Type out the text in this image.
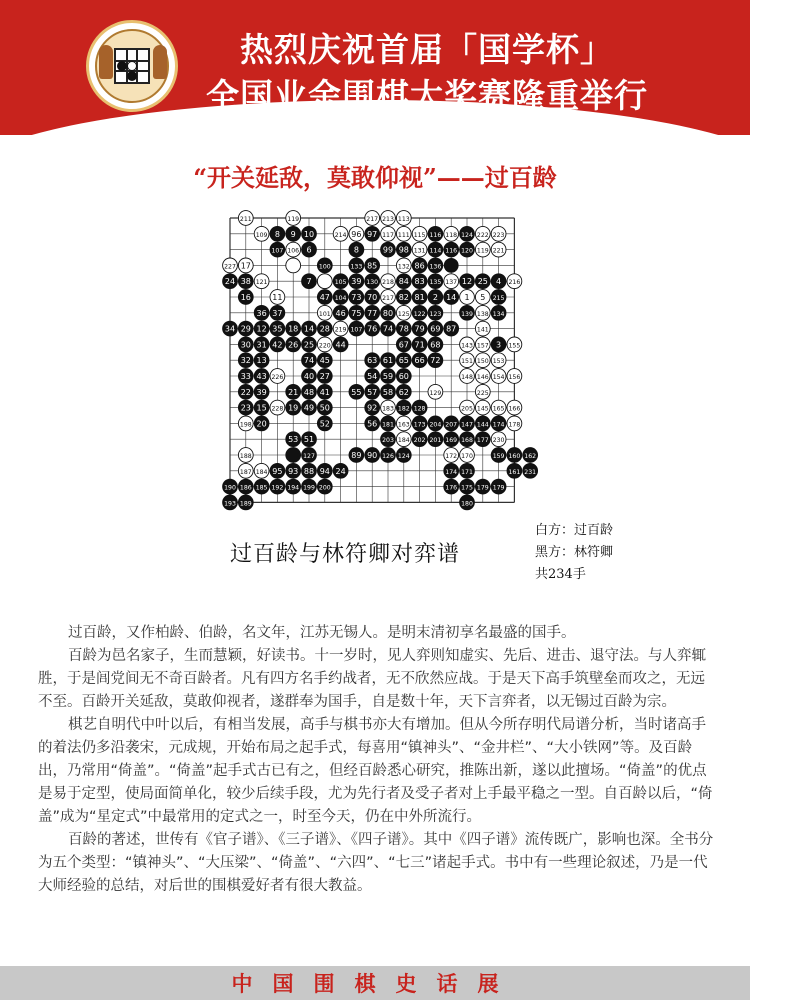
热烈庆祝首届「国学杯」
全国业余围棋大奖赛隆重举行
“开关延敌，莫敢仰视”——过百龄
211	119	217 213 113
109 8 9 10	214 96 97 117 111 115 116 118 124 222 223
107 106 6	8	99 98 131 114 116 120 119 221
227 17	100	133 85	132 86 136
24 38 121	7	105 39 130 218 84 83 135 137 12 25 4 216
16	11	47 104 73 70 217 82 81 2 14 1 5 215
36 37	101 46 75 77 80 125 122 123	139 138 134
34 29 12 35 18 14 28 219 107 76 74 78 79 69 87	141
30 31 42 26 25 220 44	67 71 68	143 157 3 155
32 13	74 45	63 61 65 66 72	151 150 153
33 43 226	40 27	54 59 60	148 146 154 156
22 39	21 48 41	55 57 58 62	129	225
23 15 228 19 49 50	92 183 182 128	205 145 165 166
198 20	52	56 181 163 173 204 207 147 144 174 178
53 51	203 184 202 201 169 168 177 230
188	127	89 90 126 124	172 170	159 160 162
187 184 95 93 88 94 24	174 171	161 231
190 186 185 192 194 199 200	176 175 179 179
193 189	180
过百龄与林符卿对弈谱
白方：过百龄
黑方：林符卿
共234手

过百龄，又作柏龄、伯龄，名文年，江苏无锡人。是明末清初享名最盛的国手。

百龄为邑名家子，生而慧颖，好读书。十一岁时，见人弈则知虚实、先后、进击、退守法。与人弈辄胜，于是闾党间无不奇百龄者。凡有四方名手约战者，无不欣然应战。于是天下高手筑壁垒而攻之，无远不至。百龄开关延敌，莫敢仰视者，遂群奉为国手，自是数十年，天下言弈者，以无锡过百龄为宗。

棋艺自明代中叶以后，有相当发展，高手与棋书亦大有增加。但从今所存明代局谱分析，当时诸高手的着法仍多沿袭宋，元成规，开始布局之起手式，每喜用“镇神头”、“金井栏”、“大小铁网”等。及百龄出，乃常用“倚盖”。“倚盖”起手式古已有之，但经百龄悉心研究，推陈出新，遂以此擅场。“倚盖”的优点是易于定型，使局面简单化，较少后续手段，尤为先行者及受子者对上手最平稳之一型。自百龄以后，“倚盖”成为“星定式”中最常用的定式之一，时至今天，仍在中外所流行。

百龄的著述，世传有《官子谱》、《三子谱》、《四子谱》。其中《四子谱》流传既广，影响也深。全书分为五个类型：“镇神头”、“大压梁”、“倚盖”、“六四”、“七三”诸起手式。书中有一些理论叙述，乃是一代大师经验的总结，对后世的围棋爱好者有很大教益。

中国围棋史话展
